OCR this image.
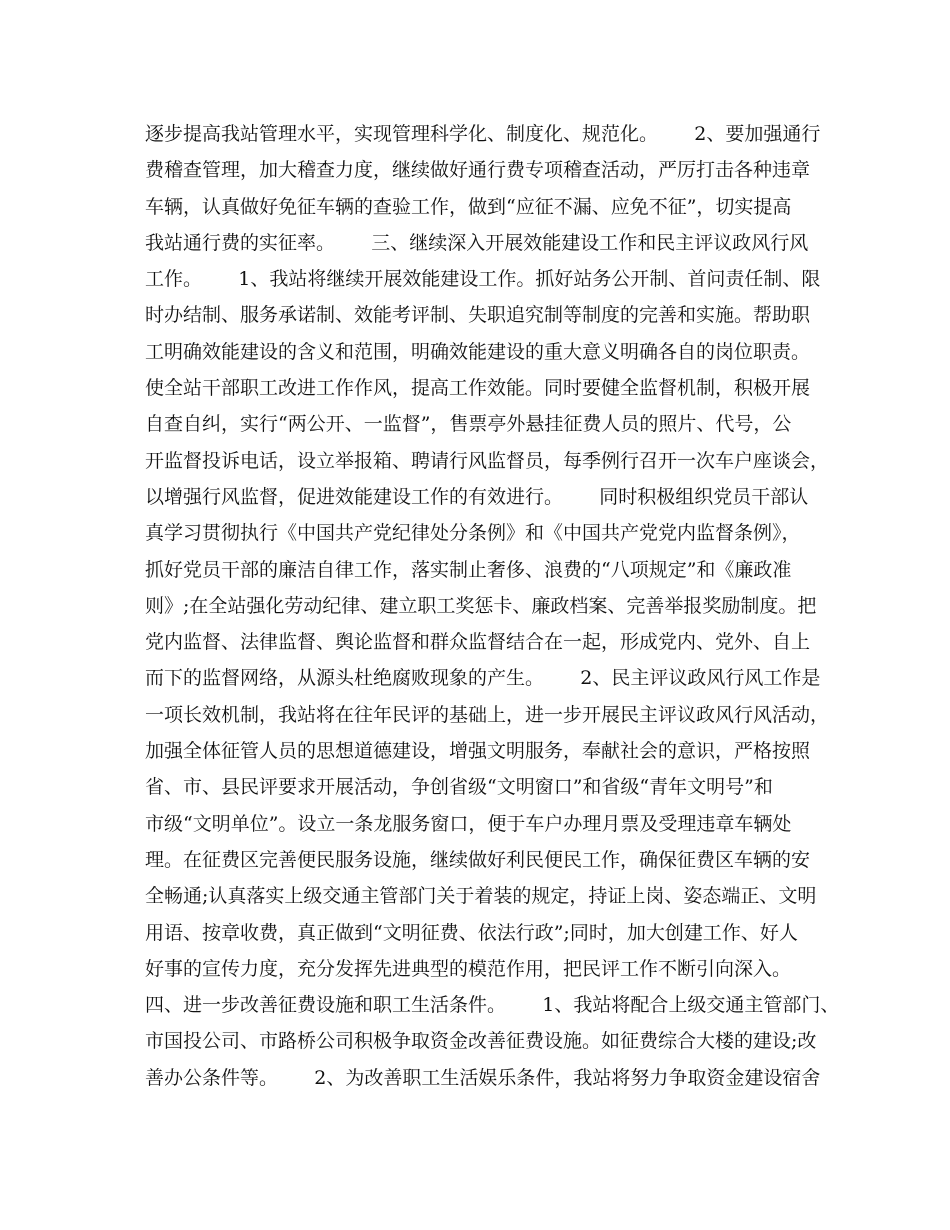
逐步提高我站管理水平，实现管理科学化、制度化、规范化。      2、要加强通行
费稽查管理，加大稽查力度，继续做好通行费专项稽查活动，严厉打击各种违章
车辆，认真做好免征车辆的查验工作，做到“应征不漏、应免不征”，切实提高
我站通行费的实征率。      三、继续深入开展效能建设工作和民主评议政风行风
工作。      1、我站将继续开展效能建设工作。抓好站务公开制、首问责任制、限
时办结制、服务承诺制、效能考评制、失职追究制等制度的完善和实施。帮助职
工明确效能建设的含义和范围，明确效能建设的重大意义明确各自的岗位职责。
使全站干部职工改进工作作风，提高工作效能。同时要健全监督机制，积极开展
自查自纠，实行“两公开、一监督”，售票亭外悬挂征费人员的照片、代号，公
开监督投诉电话，设立举报箱、聘请行风监督员，每季例行召开一次车户座谈会，
以增强行风监督，促进效能建设工作的有效进行。      同时积极组织党员干部认
真学习贯彻执行《中国共产党纪律处分条例》和《中国共产党党内监督条例》，
抓好党员干部的廉洁自律工作，落实制止奢侈、浪费的“八项规定”和《廉政准
则》;在全站强化劳动纪律、建立职工奖惩卡、廉政档案、完善举报奖励制度。把
党内监督、法律监督、舆论监督和群众监督结合在一起，形成党内、党外、自上
而下的监督网络，从源头杜绝腐败现象的产生。      2、民主评议政风行风工作是
一项长效机制，我站将在往年民评的基础上，进一步开展民主评议政风行风活动，
加强全体征管人员的思想道德建设，增强文明服务，奉献社会的意识，严格按照
省、市、县民评要求开展活动，争创省级“文明窗口”和省级“青年文明号”和
市级“文明单位”。设立一条龙服务窗口，便于车户办理月票及受理违章车辆处
理。在征费区完善便民服务设施，继续做好利民便民工作，确保征费区车辆的安
全畅通;认真落实上级交通主管部门关于着装的规定，持证上岗、姿态端正、文明
用语、按章收费，真正做到“文明征费、依法行政”;同时，加大创建工作、好人
好事的宣传力度，充分发挥先进典型的模范作用，把民评工作不断引向深入。
四、进一步改善征费设施和职工生活条件。      1、我站将配合上级交通主管部门、
市国投公司、市路桥公司积极争取资金改善征费设施。如征费综合大楼的建设;改
善办公条件等。      2、为改善职工生活娱乐条件，我站将努力争取资金建设宿舍
